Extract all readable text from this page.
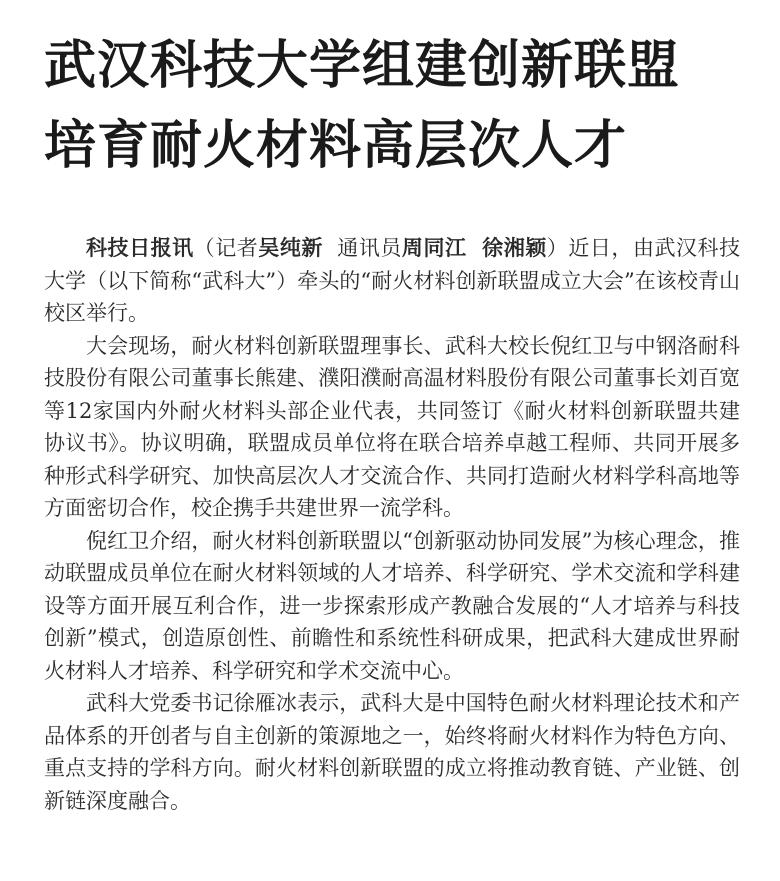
武汉科技大学组建创新联盟
培育耐火材料高层次人才

科技日报讯（记者吴纯新  通讯员周同江  徐湘颖）近日，由武汉科技大学（以下简称“武科大”）牵头的“耐火材料创新联盟成立大会”在该校青山校区举行。

大会现场，耐火材料创新联盟理事长、武科大校长倪红卫与中钢洛耐科技股份有限公司董事长熊建、濮阳濮耐高温材料股份有限公司董事长刘百宽等12家国内外耐火材料头部企业代表，共同签订《耐火材料创新联盟共建协议书》。协议明确，联盟成员单位将在联合培养卓越工程师、共同开展多种形式科学研究、加快高层次人才交流合作、共同打造耐火材料学科高地等方面密切合作，校企携手共建世界一流学科。

倪红卫介绍，耐火材料创新联盟以“创新驱动协同发展”为核心理念，推动联盟成员单位在耐火材料领域的人才培养、科学研究、学术交流和学科建设等方面开展互利合作，进一步探索形成产教融合发展的“人才培养与科技创新”模式，创造原创性、前瞻性和系统性科研成果，把武科大建成世界耐火材料人才培养、科学研究和学术交流中心。

武科大党委书记徐雁冰表示，武科大是中国特色耐火材料理论技术和产品体系的开创者与自主创新的策源地之一，始终将耐火材料作为特色方向、重点支持的学科方向。耐火材料创新联盟的成立将推动教育链、产业链、创新链深度融合。
